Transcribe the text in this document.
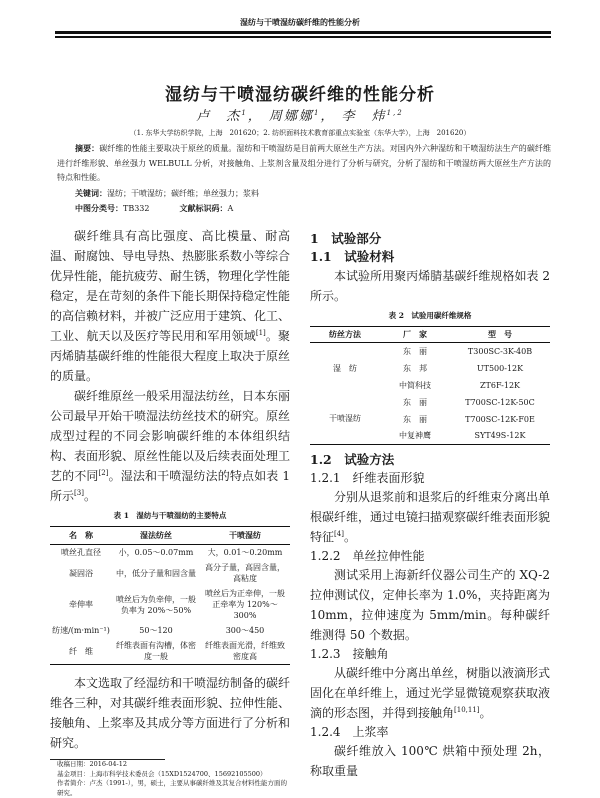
湿纺与干喷湿纺碳纤维的性能分析
湿纺与干喷湿纺碳纤维的性能分析
卢　杰$^1$， 周娜娜$^1$， 李　炜$^{1,2}$
（1. 东华大学纺织学院，上海　201620；2. 纺织面料技术教育部重点实验室（东华大学），上海　201620）
摘要：碳纤维的性能主要取决于原丝的质量。湿纺和干喷湿纺是目前两大原丝生产方法。对国内外六种湿纺和干喷湿纺法生产的碳纤维进行纤维形貌、单丝强力 WELBULL 分析，对接触角、上浆剂含量及组分进行了分析与研究，分析了湿纺和干喷湿纺两大原丝生产方法的特点和性能。
关键词：湿纺；干喷湿纺；碳纤维；单丝强力；浆料
中图分类号：TB332	文献标识码：A

碳纤维具有高比强度、高比模量、耐高温、耐腐蚀、导电导热、热膨胀系数小等综合优异性能，能抗疲劳、耐生锈，物理化学性能稳定，是在苛刻的条件下能长期保持稳定性能的高信赖材料，并被广泛应用于建筑、化工、工业、航天以及医疗等民用和军用领域[1]。聚丙烯腈基碳纤维的性能很大程度上取决于原丝的质量。

碳纤维原丝一般采用湿法纺丝，日本东丽公司最早开始干喷湿法纺丝技术的研究。原丝成型过程的不同会影响碳纤维的本体组织结构、表面形貌、原丝性能以及后续表面处理工艺的不同[2]。湿法和干喷湿纺法的特点如表 1 所示[3]。

表 1　湿纺与干喷湿纺的主要特点
名　称	湿法纺丝	干喷湿纺
喷丝孔直径	小，0.05～0.07mm	大，0.01～0.20mm
凝固浴	中，低分子量和固含量	高分子量，高固含量，高粘度
牵伸率	喷丝后为负牵伸，一般负率为 20%～50%	喷丝后为正牵伸，一般正牵率为 120%～300%
纺速/(m·min⁻¹)	50～120	300～450
纤　维	纤维表面有沟槽，体密度一般	纤维表面光滑，纤维致密度高

本文选取了经湿纺和干喷湿纺制备的碳纤维各三种，对其碳纤维表面形貌、拉伸性能、接触角、上浆率及其成分等方面进行了分析和研究。

收稿日期：2016-04-12
基金项目：上海市科学技术委员会（15XD1524700、15692105500）
作者简介：卢杰（1991-），男，硕士，主要从事碳纤维及其复合材料性能方面的研究。
1　试验部分
1.1　试验材料

本试验所用聚丙烯腈基碳纤维规格如表 2 所示。

表 2　试验用碳纤维规格
纺丝方法	厂　家	型　号
湿　纺	东　丽	T300SC-3K-40B
	东　邦	UT500-12K
	中简科技	ZT6F-12K
干喷湿纺	东　丽	T700SC-12K-50C
	东　丽	T700SC-12K-F0E
	中复神鹰	SYT49S-12K
1.2　试验方法
1.2.1　纤维表面形貌

分别从退浆前和退浆后的纤维束分离出单根碳纤维，通过电镜扫描观察碳纤维表面形貌特征[4]。

1.2.2　单丝拉伸性能

测试采用上海新纤仪器公司生产的 XQ-2 拉伸测试仪，定伸长率为 1.0%，夹持距离为 10mm，拉伸速度为 5mm/min。每种碳纤维测得 50 个数据。

1.2.3　接触角

从碳纤维中分离出单丝，树脂以液滴形式固化在单纤维上，通过光学显微镜观察获取液滴的形态图，并得到接触角[10,11]。

1.2.4　上浆率

碳纤维放入 100℃ 烘箱中预处理 2h，称取重量
